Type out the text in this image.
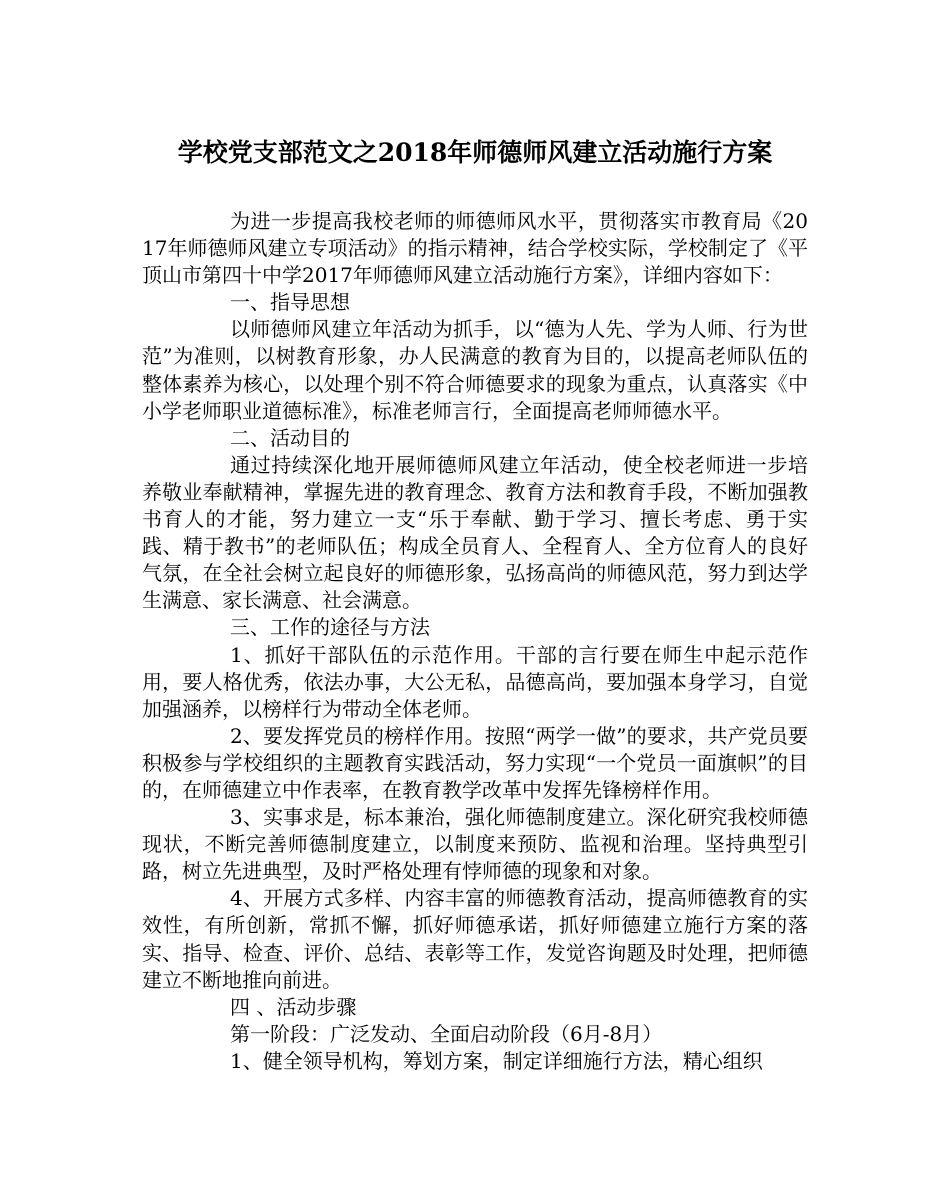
学校党支部范文之2018年师德师风建立活动施行方案

为进一步提高我校老师的师德师风水平，贯彻落实市教育局《2017年师德师风建立专项活动》的指示精神，结合学校实际，学校制定了《平顶山市第四十中学2017年师德师风建立活动施行方案》，详细内容如下：

一、指导思想

以师德师风建立年活动为抓手，以“德为人先、学为人师、行为世范”为准则，以树教育形象，办人民满意的教育为目的，以提高老师队伍的整体素养为核心，以处理个别不符合师德要求的现象为重点，认真落实《中小学老师职业道德标准》，标准老师言行，全面提高老师师德水平。

二、活动目的

通过持续深化地开展师德师风建立年活动，使全校老师进一步培养敬业奉献精神，掌握先进的教育理念、教育方法和教育手段，不断加强教书育人的才能，努力建立一支“乐于奉献、勤于学习、擅长考虑、勇于实践、精于教书”的老师队伍；构成全员育人、全程育人、全方位育人的良好气氛，在全社会树立起良好的师德形象，弘扬高尚的师德风范，努力到达学生满意、家长满意、社会满意。

三、工作的途径与方法

1、抓好干部队伍的示范作用。干部的言行要在师生中起示范作用，要人格优秀，依法办事，大公无私，品德高尚，要加强本身学习，自觉加强涵养，以榜样行为带动全体老师。

2、要发挥党员的榜样作用。按照“两学一做”的要求，共产党员要积极参与学校组织的主题教育实践活动，努力实现“一个党员一面旗帜”的目的，在师德建立中作表率，在教育教学改革中发挥先锋榜样作用。

3、实事求是，标本兼治，强化师德制度建立。深化研究我校师德现状，不断完善师德制度建立，以制度来预防、监视和治理。坚持典型引路，树立先进典型，及时严格处理有悖师德的现象和对象。

4、开展方式多样、内容丰富的师德教育活动，提高师德教育的实效性，有所创新，常抓不懈，抓好师德承诺，抓好师德建立施行方案的落实、指导、检查、评价、总结、表彰等工作，发觉咨询题及时处理，把师德建立不断地推向前进。

四 、活动步骤

第一阶段：广泛发动、全面启动阶段（6月-8月）

1、健全领导机构，筹划方案，制定详细施行方法，精心组织
